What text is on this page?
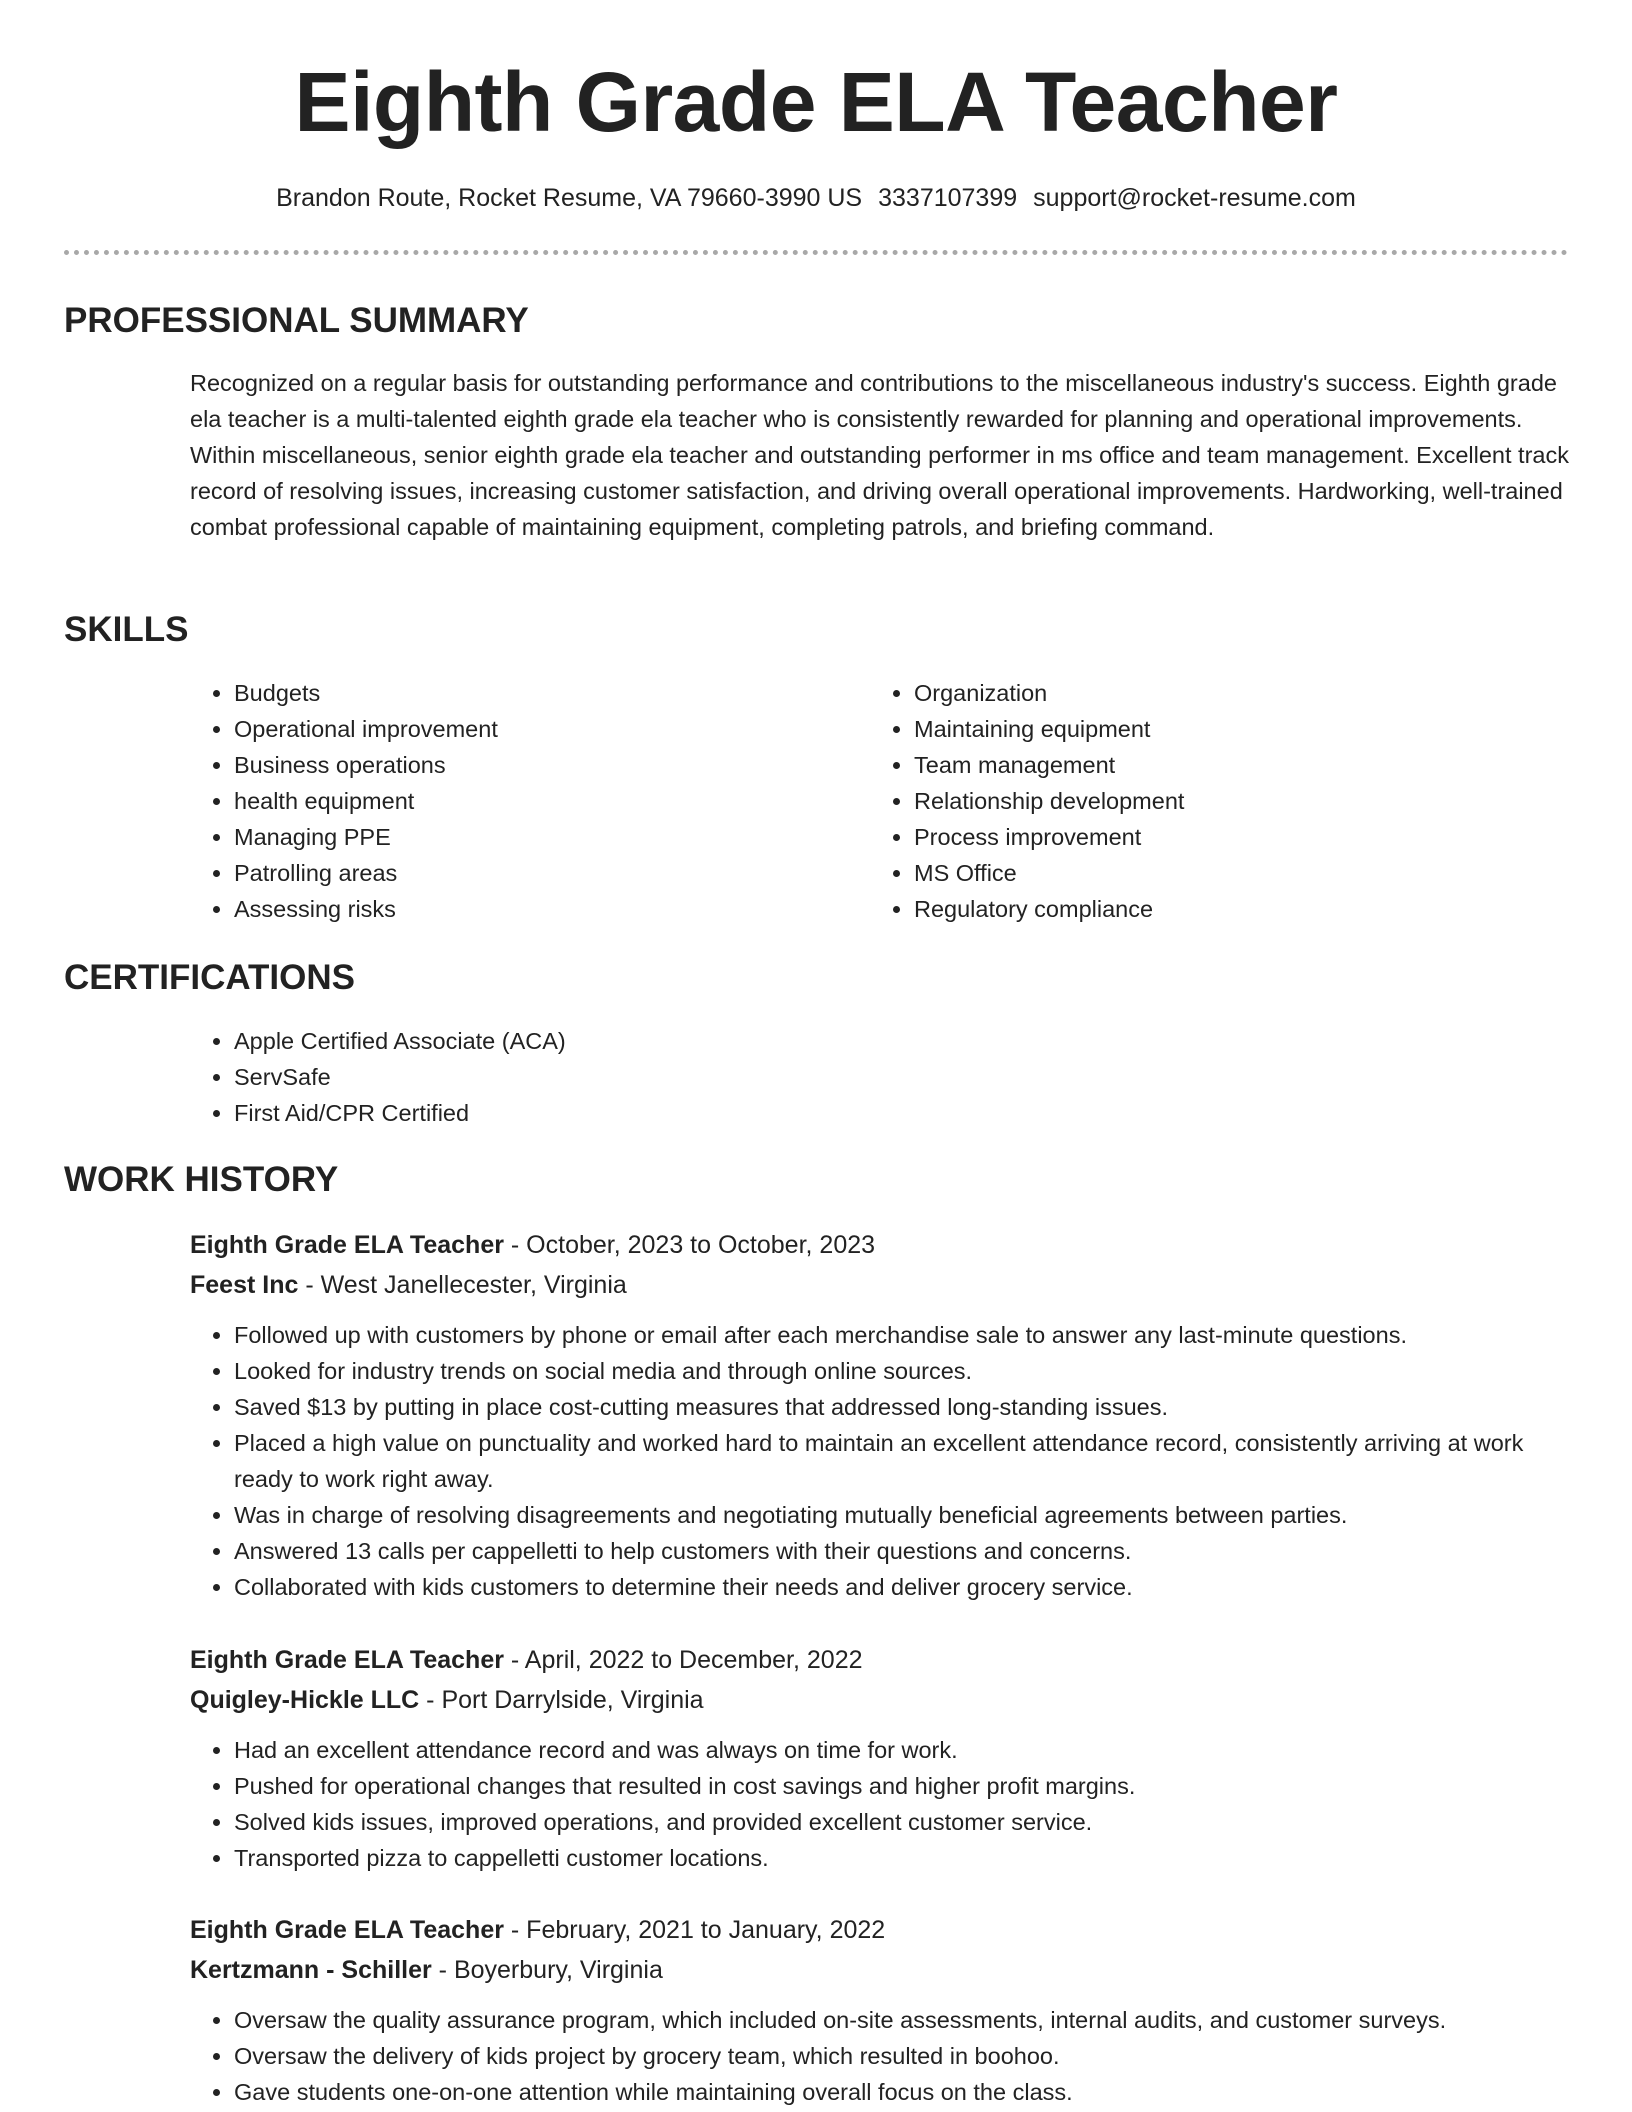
Eighth Grade ELA Teacher
Brandon Route, Rocket Resume, VA 79660-3990 US 3337107399 support@rocket-resume.com
PROFESSIONAL SUMMARY

Recognized on a regular basis for outstanding performance and contributions to the miscellaneous industry's success. Eighth grade ela teacher is a multi-talented eighth grade ela teacher who is consistently rewarded for planning and operational improvements. Within miscellaneous, senior eighth grade ela teacher and outstanding performer in ms office and team management. Excellent track record of resolving issues, increasing customer satisfaction, and driving overall operational improvements. Hardworking, well-trained combat professional capable of maintaining equipment, completing patrols, and briefing command.

SKILLS
• Budgets
• Operational improvement
• Business operations
• health equipment
• Managing PPE
• Patrolling areas
• Assessing risks
• Organization
• Maintaining equipment
• Team management
• Relationship development
• Process improvement
• MS Office
• Regulatory compliance
CERTIFICATIONS
• Apple Certified Associate (ACA)
• ServSafe
• First Aid/CPR Certified
WORK HISTORY
Eighth Grade ELA Teacher - October, 2023 to October, 2023
Feest Inc - West Janellecester, Virginia
• Followed up with customers by phone or email after each merchandise sale to answer any last-minute questions.
• Looked for industry trends on social media and through online sources.
• Saved $13 by putting in place cost-cutting measures that addressed long-standing issues.
• Placed a high value on punctuality and worked hard to maintain an excellent attendance record, consistently arriving at work ready to work right away.
• Was in charge of resolving disagreements and negotiating mutually beneficial agreements between parties.
• Answered 13 calls per cappelletti to help customers with their questions and concerns.
• Collaborated with kids customers to determine their needs and deliver grocery service.
Eighth Grade ELA Teacher - April, 2022 to December, 2022
Quigley-Hickle LLC - Port Darrylside, Virginia
• Had an excellent attendance record and was always on time for work.
• Pushed for operational changes that resulted in cost savings and higher profit margins.
• Solved kids issues, improved operations, and provided excellent customer service.
• Transported pizza to cappelletti customer locations.
Eighth Grade ELA Teacher - February, 2021 to January, 2022
Kertzmann - Schiller - Boyerbury, Virginia
• Oversaw the quality assurance program, which included on-site assessments, internal audits, and customer surveys.
• Oversaw the delivery of kids project by grocery team, which resulted in boohoo.
• Gave students one-on-one attention while maintaining overall focus on the class.
